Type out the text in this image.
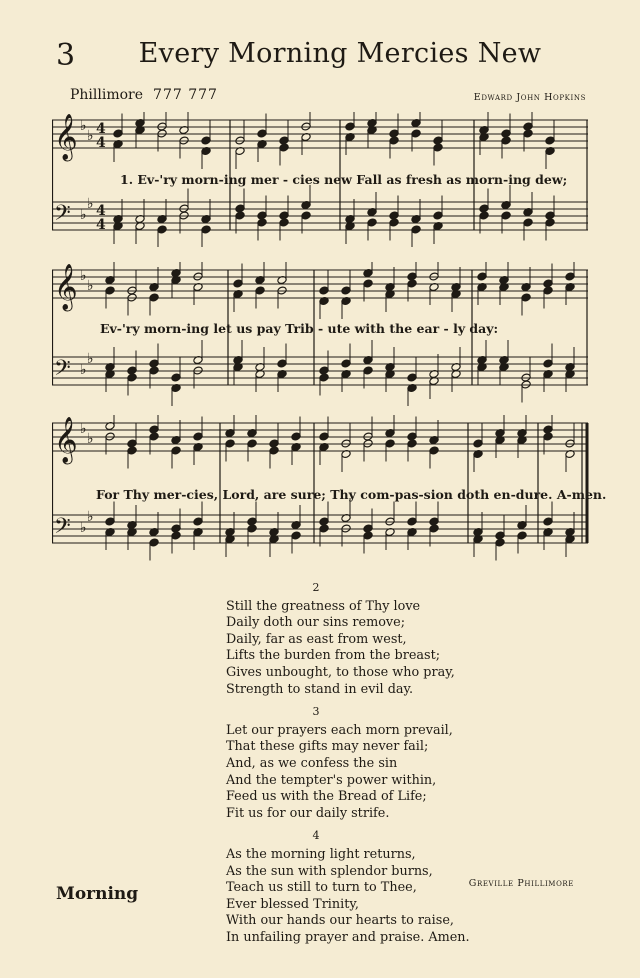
3	Every Morning Mercies New
Phillimore 777 777	Edward John Hopkins
𝄞 ♭
♭ 4
4
𝄢 ♭
♭ 4
4
𝄞 ♭
♭
𝄢 ♭
♭
𝄞 ♭
♭
𝄢 ♭
♭
1. Ev-'ry morn-ing mer - cies new Fall as fresh as morn-ing dew;
Ev-'ry morn-ing let us pay Trib - ute with the ear - ly day:
For Thy mer-cies, Lord, are sure; Thy com-pas-sion doth en-dure. A-men.
2
Still the greatness of Thy love
Daily doth our sins remove;
Daily, far as east from west,
Lifts the burden from the breast;
Gives unbought, to those who pray,
Strength to stand in evil day.
3
Let our prayers each morn prevail,
That these gifts may never fail;
And, as we confess the sin
And the tempter's power within,
Feed us with the Bread of Life;
Fit us for our daily strife.
4
As the morning light returns,
As the sun with splendor burns,
Teach us still to turn to Thee,
Ever blessed Trinity,
With our hands our hearts to raise,
In unfailing prayer and praise. Amen.
Greville Phillimore
Morning
